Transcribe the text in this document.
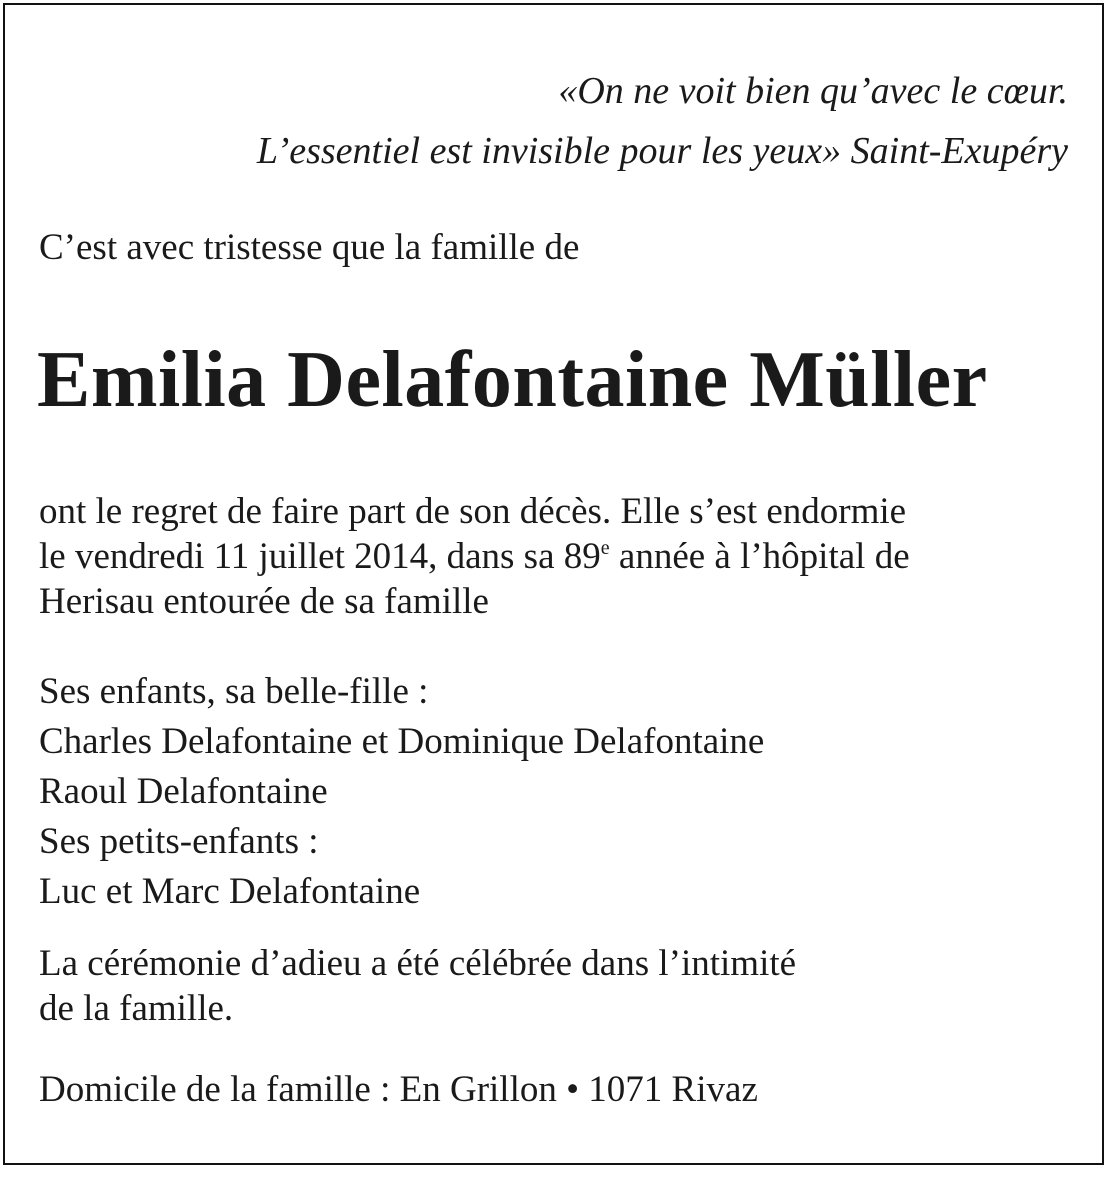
«On ne voit bien qu’avec le cœur.
L’essentiel est invisible pour les yeux» Saint-Exupéry
C’est avec tristesse que la famille de
Emilia Delafontaine Müller
ont le regret de faire part de son décès. Elle s’est endormie
le vendredi 11 juillet 2014, dans sa 89e année à l’hôpital de
Herisau entourée de sa famille
Ses enfants, sa belle-fille :
Charles Delafontaine et Dominique Delafontaine
Raoul Delafontaine
Ses petits-enfants :
Luc et Marc Delafontaine
La cérémonie d’adieu a été célébrée dans l’intimité
de la famille.
Domicile de la famille : En Grillon • 1071 Rivaz
